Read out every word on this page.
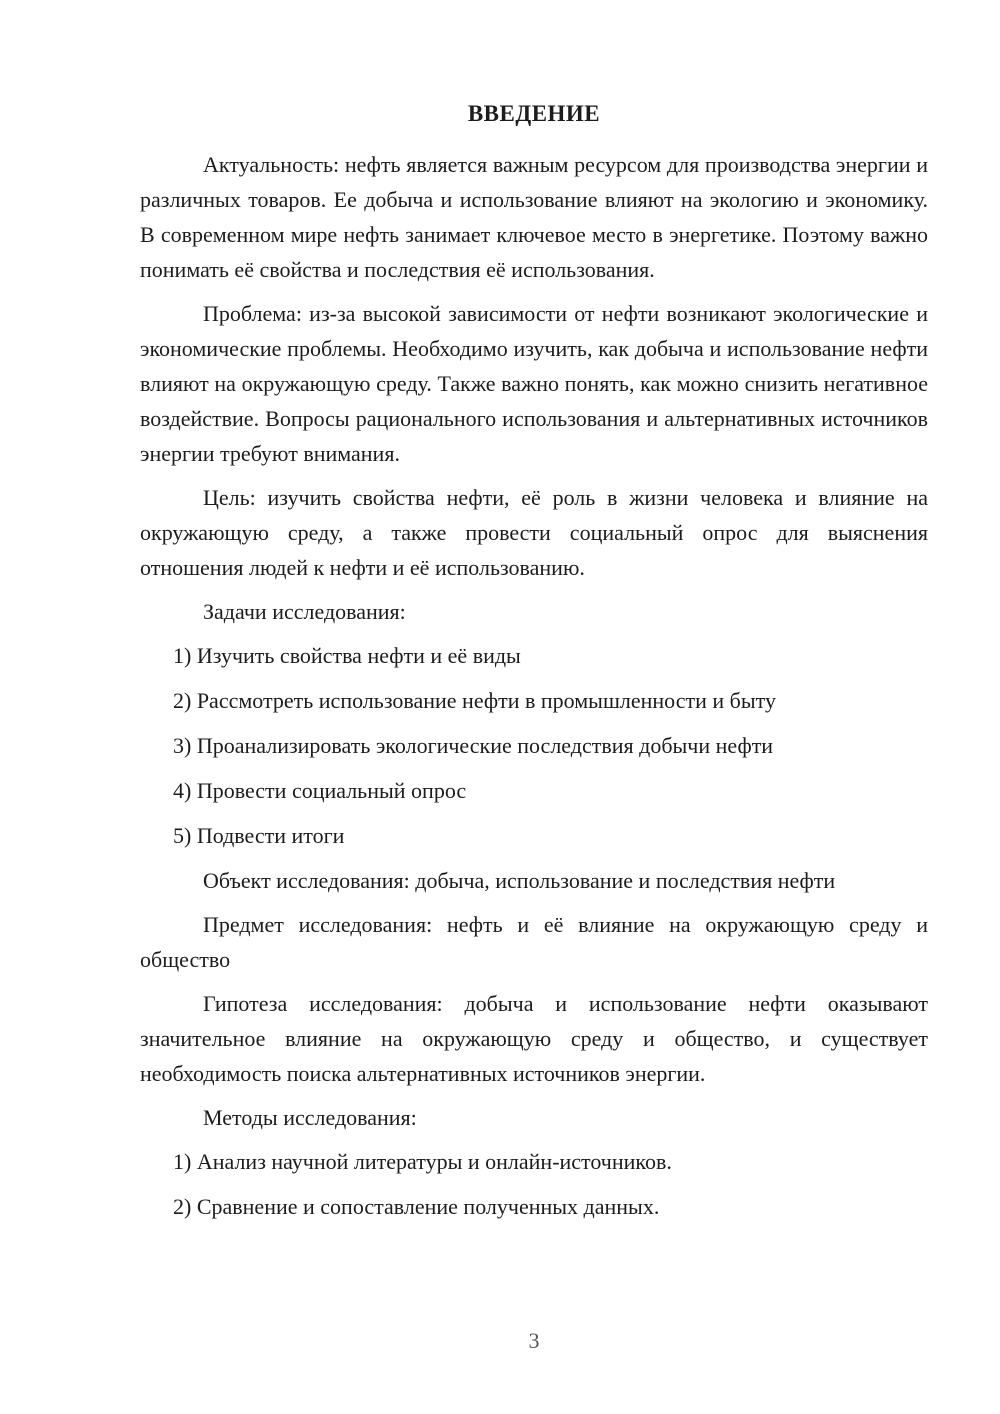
ВВЕДЕНИЕ

Актуальность: нефть является важным ресурсом для производства энергии и различных товаров. Ее добыча и использование влияют на экологию и экономику. В современном мире нефть занимает ключевое место в энергетике. Поэтому важно понимать её свойства и последствия её использования.

Проблема: из-за высокой зависимости от нефти возникают экологические и экономические проблемы. Необходимо изучить, как добыча и использование нефти влияют на окружающую среду. Также важно понять, как можно снизить негативное воздействие. Вопросы рационального использования и альтернативных источников энергии требуют внимания.

Цель: изучить свойства нефти, её роль в жизни человека и влияние на окружающую среду, а также провести социальный опрос для выяснения отношения людей к нефти и её использованию.

Задачи исследования:

1) Изучить свойства нефти и её виды

2) Рассмотреть использование нефти в промышленности и быту

3) Проанализировать экологические последствия добычи нефти

4) Провести социальный опрос

5) Подвести итоги

Объект исследования: добыча, использование и последствия нефти

Предмет исследования: нефть и её влияние на окружающую среду и общество

Гипотеза исследования: добыча и использование нефти оказывают значительное влияние на окружающую среду и общество, и существует необходимость поиска альтернативных источников энергии.

Методы исследования:

1) Анализ научной литературы и онлайн-источников.

2) Сравнение и сопоставление полученных данных.

3
